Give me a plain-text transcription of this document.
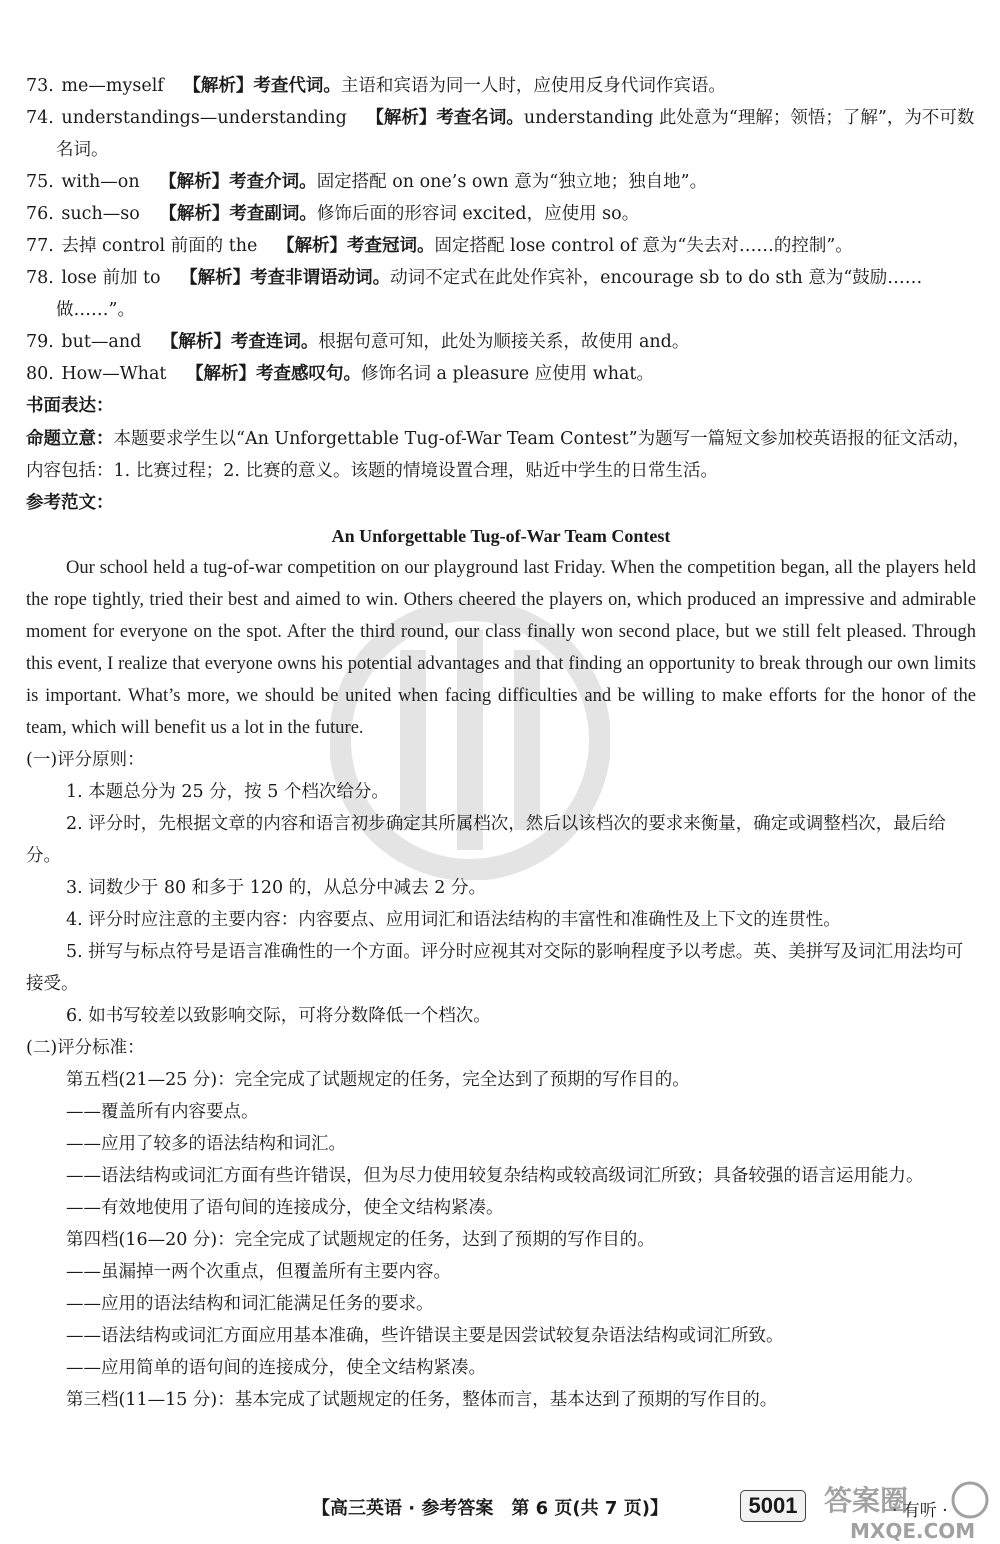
73. me—myself 【解析】考查代词。主语和宾语为同一人时，应使用反身代词作宾语。
74. understandings—understanding 【解析】考查名词。understanding 此处意为“理解；领悟；了解”，为不可数
名词。
75. with—on 【解析】考查介词。固定搭配 on one’s own 意为“独立地；独自地”。
76. such—so 【解析】考查副词。修饰后面的形容词 excited，应使用 so。
77. 去掉 control 前面的 the 【解析】考查冠词。固定搭配 lose control of 意为“失去对……的控制”。
78. lose 前加 to 【解析】考查非谓语动词。动词不定式在此处作宾补，encourage sb to do sth 意为“鼓励……
做……”。
79. but—and 【解析】考查连词。根据句意可知，此处为顺接关系，故使用 and。
80. How—What 【解析】考查感叹句。修饰名词 a pleasure 应使用 what。
书面表达：
命题立意：本题要求学生以“An Unforgettable Tug-of-War Team Contest”为题写一篇短文参加校英语报的征文活动，内容包括：1. 比赛过程；2. 比赛的意义。该题的情境设置合理，贴近中学生的日常生活。
参考范文：

An Unforgettable Tug-of-War Team Contest

Our school held a tug-of-war competition on our playground last Friday. When the competition began, all the players held the rope tightly, tried their best and aimed to win. Others cheered the players on, which produced an impressive and admirable moment for everyone on the spot. After the third round, our class finally won second place, but we still felt pleased. Through this event, I realize that everyone owns his potential advantages and that finding an opportunity to break through our own limits is important. What’s more, we should be united when facing difficulties and be willing to make efforts for the honor of the team, which will benefit us a lot in the future.

(一)评分原则：
1. 本题总分为 25 分，按 5 个档次给分。
2. 评分时，先根据文章的内容和语言初步确定其所属档次，然后以该档次的要求来衡量，确定或调整档次，最后给分。
3. 词数少于 80 和多于 120 的，从总分中减去 2 分。
4. 评分时应注意的主要内容：内容要点、应用词汇和语法结构的丰富性和准确性及上下文的连贯性。
5. 拼写与标点符号是语言准确性的一个方面。评分时应视其对交际的影响程度予以考虑。英、美拼写及词汇用法均可接受。
6. 如书写较差以致影响交际，可将分数降低一个档次。
(二)评分标准：
第五档(21—25 分)：完全完成了试题规定的任务，完全达到了预期的写作目的。
——覆盖所有内容要点。
——应用了较多的语法结构和词汇。
——语法结构或词汇方面有些许错误，但为尽力使用较复杂结构或较高级词汇所致；具备较强的语言运用能力。
——有效地使用了语句间的连接成分，使全文结构紧凑。
第四档(16—20 分)：完全完成了试题规定的任务，达到了预期的写作目的。
——虽漏掉一两个次重点，但覆盖所有主要内容。
——应用的语法结构和词汇能满足任务的要求。
——语法结构或词汇方面应用基本准确，些许错误主要是因尝试较复杂语法结构或词汇所致。
——应用简单的语句间的连接成分，使全文结构紧凑。
第三档(11—15 分)：基本完成了试题规定的任务，整体而言，基本达到了预期的写作目的。
【高三英语 · 参考答案　第 6 页(共 7 页)】	5001	· 有听 ·
答案圈
MXQE.COM
